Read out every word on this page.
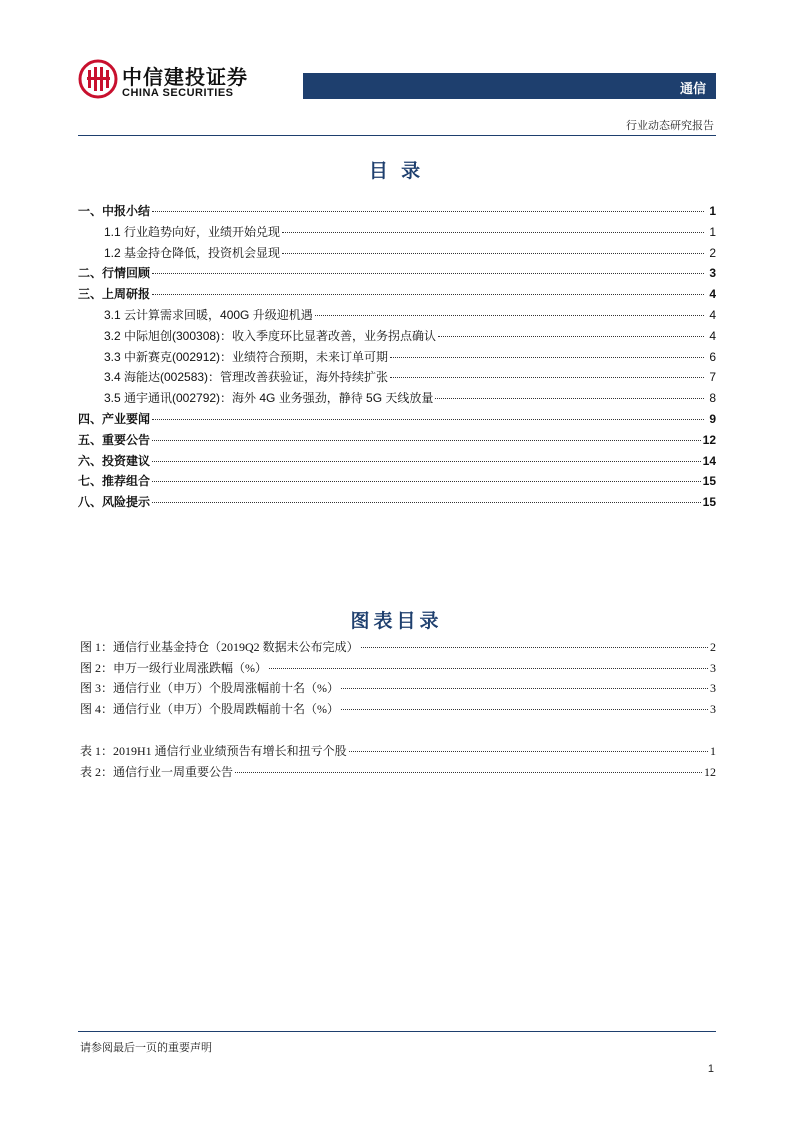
中信建投证券
CHINA SECURITIES	通信
行业动态研究报告
目 录
一、中报小结	1
1.1 行业趋势向好，业绩开始兑现	1
1.2 基金持仓降低，投资机会显现	2
二、行情回顾	3
三、上周研报	4
3.1 云计算需求回暖，400G 升级迎机遇	4
3.2 中际旭创(300308)：收入季度环比显著改善，业务拐点确认	4
3.3 中新赛克(002912)：业绩符合预期，未来订单可期	6
3.4 海能达(002583)：管理改善获验证，海外持续扩张	7
3.5 通宇通讯(002792)：海外 4G 业务强劲，静待 5G 天线放量	8
四、产业要闻	9
五、重要公告	12
六、投资建议	14
七、推荐组合	15
八、风险提示	15
图表目录
图 1：通信行业基金持仓（2019Q2 数据未公布完成）	2
图 2：申万一级行业周涨跌幅（%）	3
图 3：通信行业（申万）个股周涨幅前十名（%）	3
图 4：通信行业（申万）个股周跌幅前十名（%）	3
表 1：2019H1 通信行业业绩预告有增长和扭亏个股	1
表 2：通信行业一周重要公告	12
请参阅最后一页的重要声明
1
